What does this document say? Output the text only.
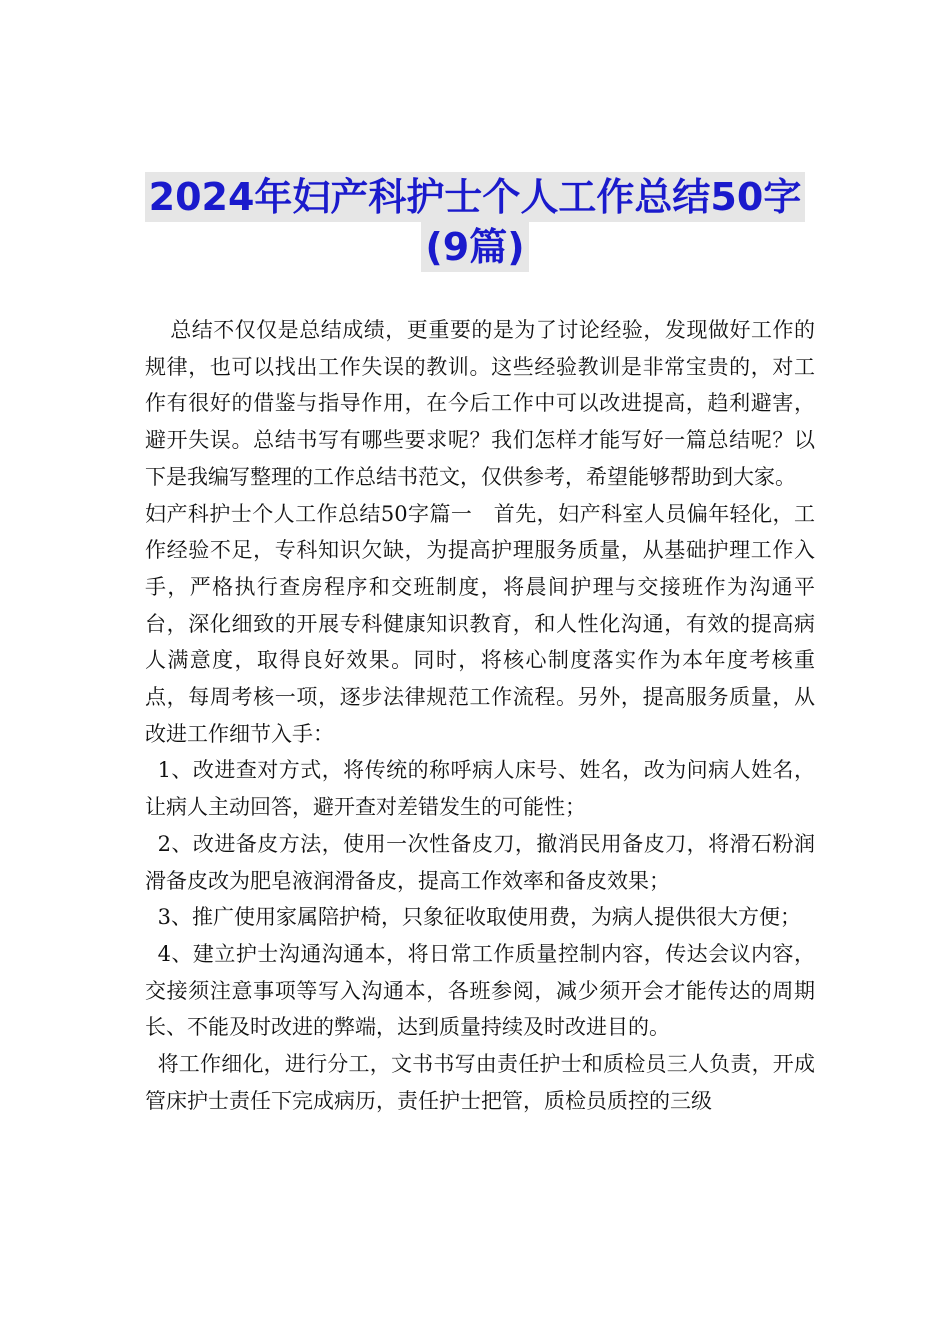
2024年妇产科护士个人工作总结50字
(9篇)

总结不仅仅是总结成绩，更重要的是为了讨论经验，发现做好工作的规律，也可以找出工作失误的教训。这些经验教训是非常宝贵的，对工作有很好的借鉴与指导作用，在今后工作中可以改进提高，趋利避害，避开失误。总结书写有哪些要求呢？我们怎样才能写好一篇总结呢？以下是我编写整理的工作总结书范文，仅供参考，希望能够帮助到大家。

妇产科护士个人工作总结50字篇一　首先，妇产科室人员偏年轻化，工作经验不足，专科知识欠缺，为提高护理服务质量，从基础护理工作入手，严格执行查房程序和交班制度，将晨间护理与交接班作为沟通平台，深化细致的开展专科健康知识教育，和人性化沟通，有效的提高病人满意度，取得良好效果。同时，将核心制度落实作为本年度考核重点，每周考核一项，逐步法律规范工作流程。另外，提高服务质量，从改进工作细节入手：

1、改进查对方式，将传统的称呼病人床号、姓名，改为问病人姓名，让病人主动回答，避开查对差错发生的可能性；

2、改进备皮方法，使用一次性备皮刀，撤消民用备皮刀，将滑石粉润滑备皮改为肥皂液润滑备皮，提高工作效率和备皮效果；

3、推广使用家属陪护椅，只象征收取使用费，为病人提供很大方便；

4、建立护士沟通沟通本，将日常工作质量控制内容，传达会议内容，交接须注意事项等写入沟通本，各班参阅，减少须开会才能传达的周期长、不能及时改进的弊端，达到质量持续及时改进目的。

将工作细化，进行分工，文书书写由责任护士和质检员三人负责，开成管床护士责任下完成病历，责任护士把管，质检员质控的三级
